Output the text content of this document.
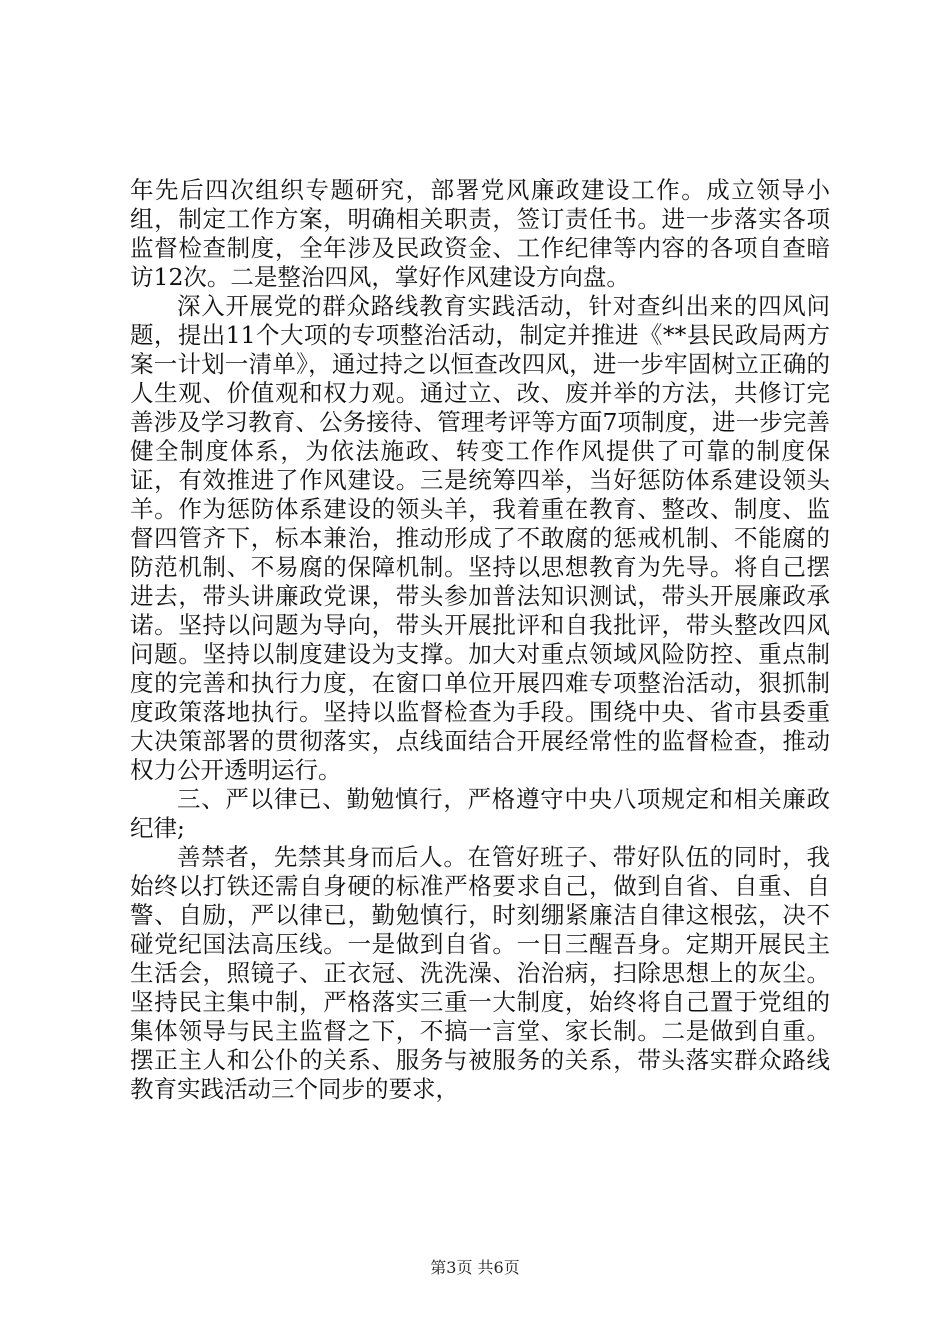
年先后四次组织专题研究，部署党风廉政建设工作。成立领导小组，制定工作方案，明确相关职责，签订责任书。进一步落实各项监督检查制度，全年涉及民政资金、工作纪律等内容的各项自查暗访12次。二是整治四风，掌好作风建设方向盘。

深入开展党的群众路线教育实践活动，针对查纠出来的四风问题，提出11个大项的专项整治活动，制定并推进《**县民政局两方案一计划一清单》，通过持之以恒查改四风，进一步牢固树立正确的人生观、价值观和权力观。通过立、改、废并举的方法，共修订完善涉及学习教育、公务接待、管理考评等方面7项制度，进一步完善健全制度体系，为依法施政、转变工作作风提供了可靠的制度保证，有效推进了作风建设。三是统筹四举，当好惩防体系建设领头羊。作为惩防体系建设的领头羊，我着重在教育、整改、制度、监督四管齐下，标本兼治，推动形成了不敢腐的惩戒机制、不能腐的防范机制、不易腐的保障机制。坚持以思想教育为先导。将自己摆进去，带头讲廉政党课，带头参加普法知识测试，带头开展廉政承诺。坚持以问题为导向，带头开展批评和自我批评，带头整改四风问题。坚持以制度建设为支撑。加大对重点领域风险防控、重点制度的完善和执行力度，在窗口单位开展四难专项整治活动，狠抓制度政策落地执行。坚持以监督检查为手段。围绕中央、省市县委重大决策部署的贯彻落实，点线面结合开展经常性的监督检查，推动权力公开透明运行。

三、严以律已、勤勉慎行，严格遵守中央八项规定和相关廉政纪律;

善禁者，先禁其身而后人。在管好班子、带好队伍的同时，我始终以打铁还需自身硬的标准严格要求自己，做到自省、自重、自警、自励，严以律已，勤勉慎行，时刻绷紧廉洁自律这根弦，决不碰党纪国法高压线。一是做到自省。一日三醒吾身。定期开展民主生活会，照镜子、正衣冠、洗洗澡、治治病，扫除思想上的灰尘。坚持民主集中制，严格落实三重一大制度，始终将自己置于党组的集体领导与民主监督之下，不搞一言堂、家长制。二是做到自重。摆正主人和公仆的关系、服务与被服务的关系，带头落实群众路线教育实践活动三个同步的要求，

第3页 共6页
